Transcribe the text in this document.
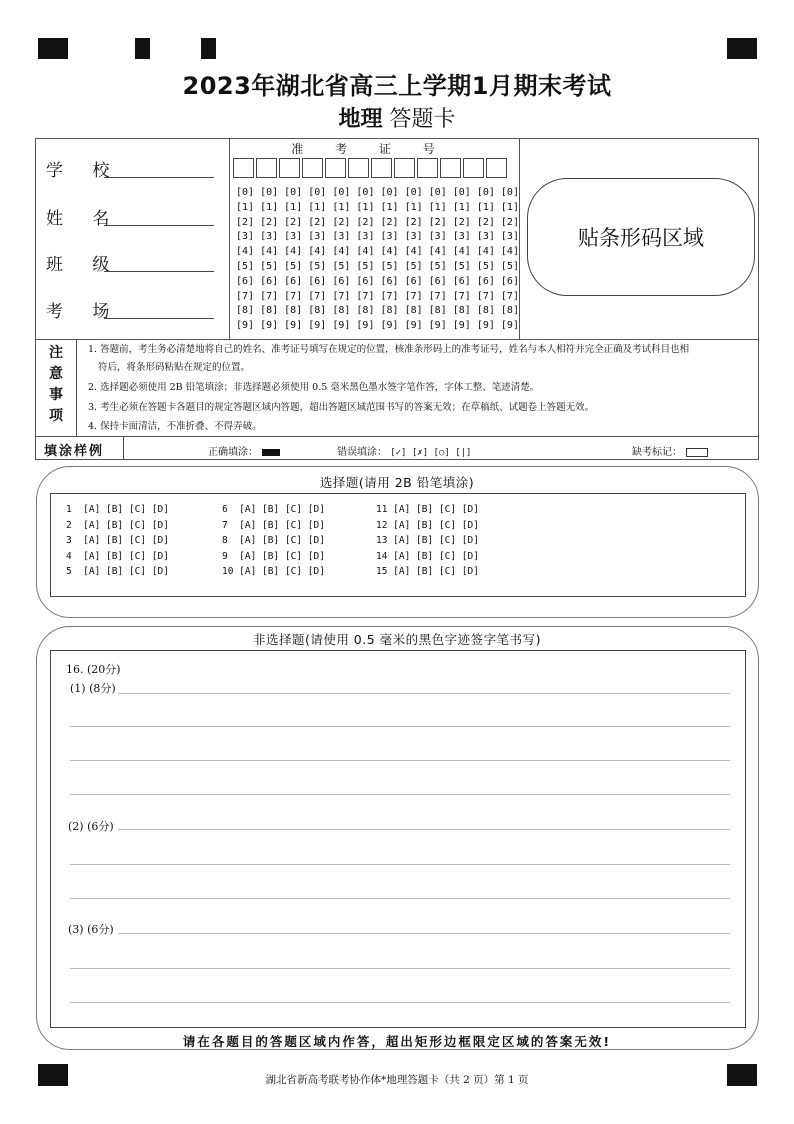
2023年湖北省高三上学期1月期末考试
地理 答题卡
学 校
姓 名
班 级
考 场
准 考 证 号
[0] [0] [0] [0] [0] [0] [0] [0] [0] [0] [0] [0]
[1] [1] [1] [1] [1] [1] [1] [1] [1] [1] [1] [1]
[2] [2] [2] [2] [2] [2] [2] [2] [2] [2] [2] [2]
[3] [3] [3] [3] [3] [3] [3] [3] [3] [3] [3] [3]
[4] [4] [4] [4] [4] [4] [4] [4] [4] [4] [4] [4]
[5] [5] [5] [5] [5] [5] [5] [5] [5] [5] [5] [5]
[6] [6] [6] [6] [6] [6] [6] [6] [6] [6] [6] [6]
[7] [7] [7] [7] [7] [7] [7] [7] [7] [7] [7] [7]
[8] [8] [8] [8] [8] [8] [8] [8] [8] [8] [8] [8]
[9] [9] [9] [9] [9] [9] [9] [9] [9] [9] [9] [9]
贴条形码区域
注
意
事
项
1. 答题前，考生务必清楚地将自己的姓名、准考证号填写在规定的位置，核准条形码上的准考证号，姓名与本人相符并完全正确及考试科目也相
符后，将条形码粘贴在规定的位置。
2. 选择题必须使用 2B 铅笔填涂；非选择题必须使用 0.5 毫米黑色墨水签字笔作答，字体工整、笔迹清楚。
3. 考生必须在答题卡各题目的规定答题区域内答题，超出答题区域范围书写的答案无效；在草稿纸、试题卷上答题无效。
4. 保持卡面清洁，不准折叠、不得弄破。
填涂样例	正确填涂：	错误填涂： [✓] [✗] [○] [|]	缺考标记：
选择题(请用 2B 铅笔填涂)
1  [A] [B] [C] [D]
2  [A] [B] [C] [D]
3  [A] [B] [C] [D]
4  [A] [B] [C] [D]
5  [A] [B] [C] [D]
6  [A] [B] [C] [D]
7  [A] [B] [C] [D]
8  [A] [B] [C] [D]
9  [A] [B] [C] [D]
10 [A] [B] [C] [D]
11 [A] [B] [C] [D]
12 [A] [B] [C] [D]
13 [A] [B] [C] [D]
14 [A] [B] [C] [D]
15 [A] [B] [C] [D]
非选择题(请使用 0.5 毫米的黑色字迹签字笔书写)
16. (20分)
(1) (8分)
(2) (6分)
(3) (6分)
请在各题目的答题区域内作答，超出矩形边框限定区域的答案无效!
湖北省新高考联考协作体*地理答题卡（共 2 页）第 1 页
